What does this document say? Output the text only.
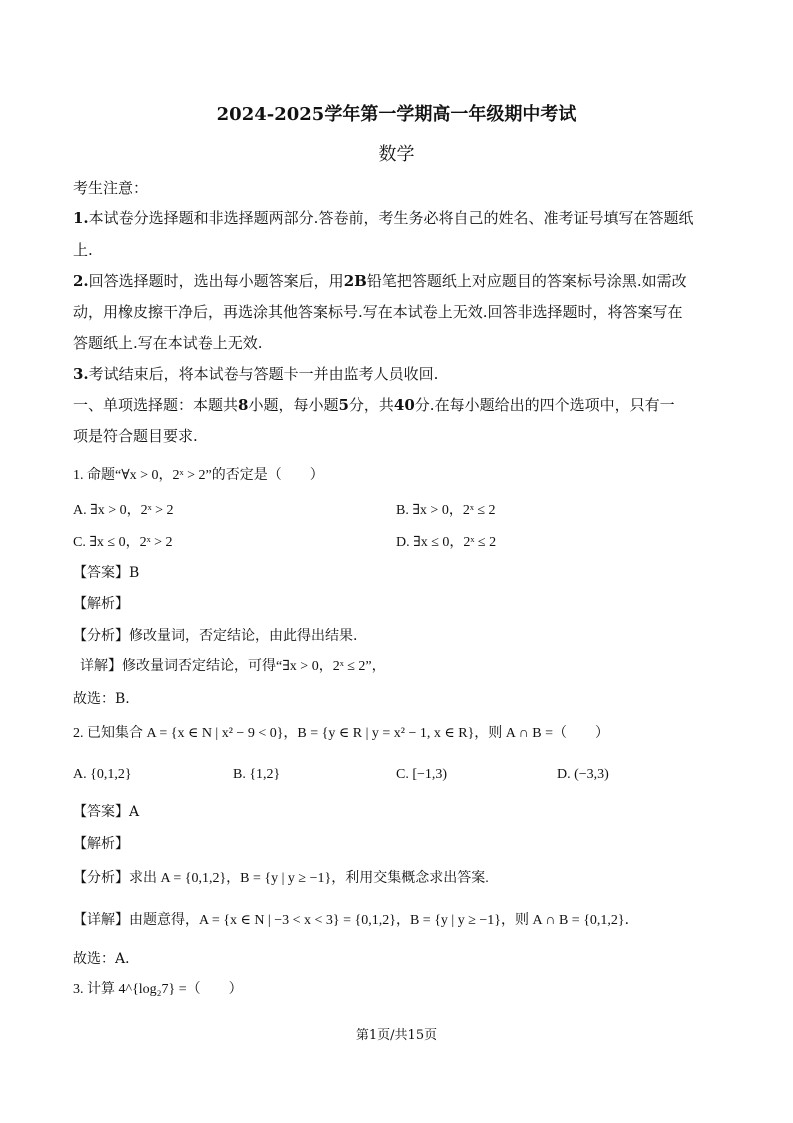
2024-2025学年第一学期高一年级期中考试
数学
考生注意：
1.本试卷分选择题和非选择题两部分.答卷前，考生务必将自己的姓名、准考证号填写在答题纸
上.
2.回答选择题时，选出每小题答案后，用2B铅笔把答题纸上对应题目的答案标号涂黑.如需改
动，用橡皮擦干净后，再选涂其他答案标号.写在本试卷上无效.回答非选择题时，将答案写在
答题纸上.写在本试卷上无效.
3.考试结束后，将本试卷与答题卡一并由监考人员收回.
一、单项选择题：本题共8小题，每小题5分，共40分.在每小题给出的四个选项中，只有一
项是符合题目要求.
1. 命题“∀x > 0，2ˣ > 2”的否定是（　　）
A. ∃x > 0，2ˣ > 2	B. ∃x > 0，2ˣ ≤ 2
C. ∃x ≤ 0，2ˣ > 2	D. ∃x ≤ 0，2ˣ ≤ 2
【答案】B
【解析】
【分析】修改量词，否定结论，由此得出结果.
详解】修改量词否定结论，可得“∃x > 0，2ˣ ≤ 2”，
故选：B.
2. 已知集合 A = {x ∈ N | x² − 9 < 0}，B = {y ∈ R | y = x² − 1, x ∈ R}，则 A ∩ B =（　　）
A. {0,1,2}	B. {1,2}	C. [−1,3)	D. (−3,3)
【答案】A
【解析】
【分析】求出 A = {0,1,2}，B = {y | y ≥ −1}，利用交集概念求出答案.
【详解】由题意得，A = {x ∈ N | −3 < x < 3} = {0,1,2}，B = {y | y ≥ −1}，则 A ∩ B = {0,1,2}．
故选：A．
3. 计算 4^{log₂7} =（　　）
第1页/共15页
